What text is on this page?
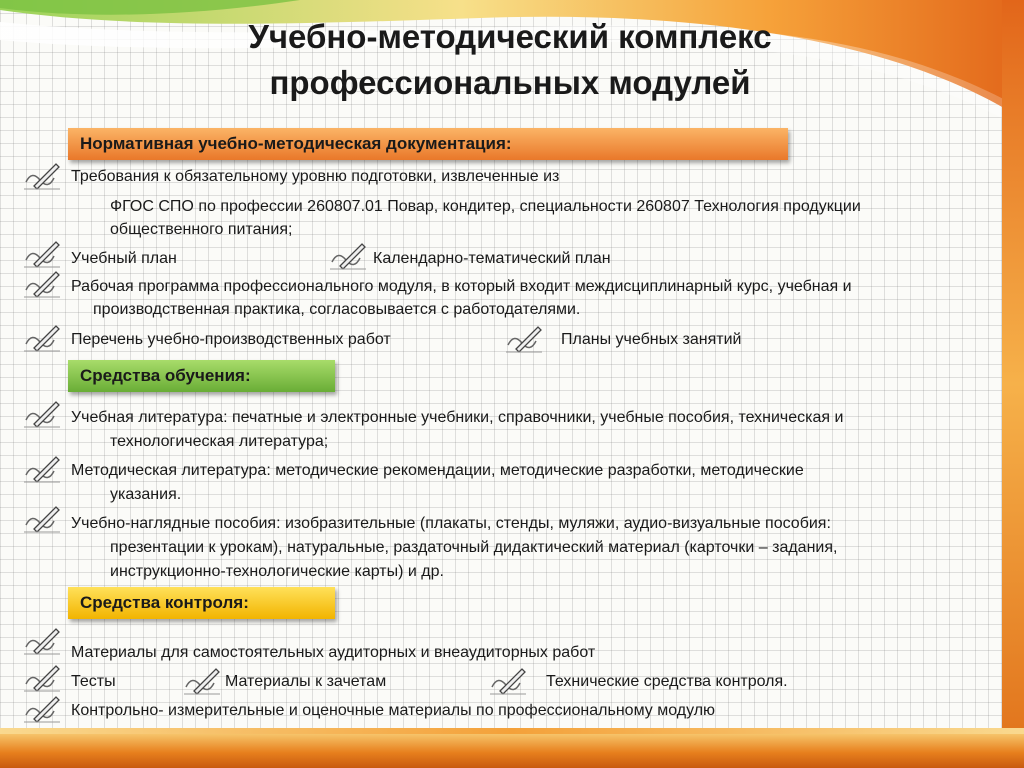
Учебно-методический комплекс
профессиональных модулей
Нормативная учебно-методическая документация:
Требования к обязательному уровню подготовки, извлеченные из
ФГОС СПО по профессии 260807.01 Повар, кондитер, специальности 260807 Технология продукции
общественного питания;
Учебный план	Календарно-тематический план
Рабочая программа профессионального модуля, в который входит междисциплинарный курс, учебная и
производственная практика, согласовывается с работодателями.
Перечень учебно-производственных работ	Планы учебных занятий
Средства обучения:
Учебная литература: печатные и электронные учебники, справочники, учебные пособия, техническая и
технологическая литература;
Методическая литература: методические рекомендации, методические разработки, методические
указания.
Учебно-наглядные пособия: изобразительные (плакаты, стенды, муляжи, аудио-визуальные пособия:
презентации к урокам), натуральные, раздаточный дидактический материал (карточки – задания,
инструкционно-технологические карты) и др.
Средства контроля:
Материалы для самостоятельных аудиторных и внеаудиторных работ
Тесты	Материалы к зачетам	Технические средства контроля.
Контрольно- измерительные и оценочные материалы по профессиональному модулю
